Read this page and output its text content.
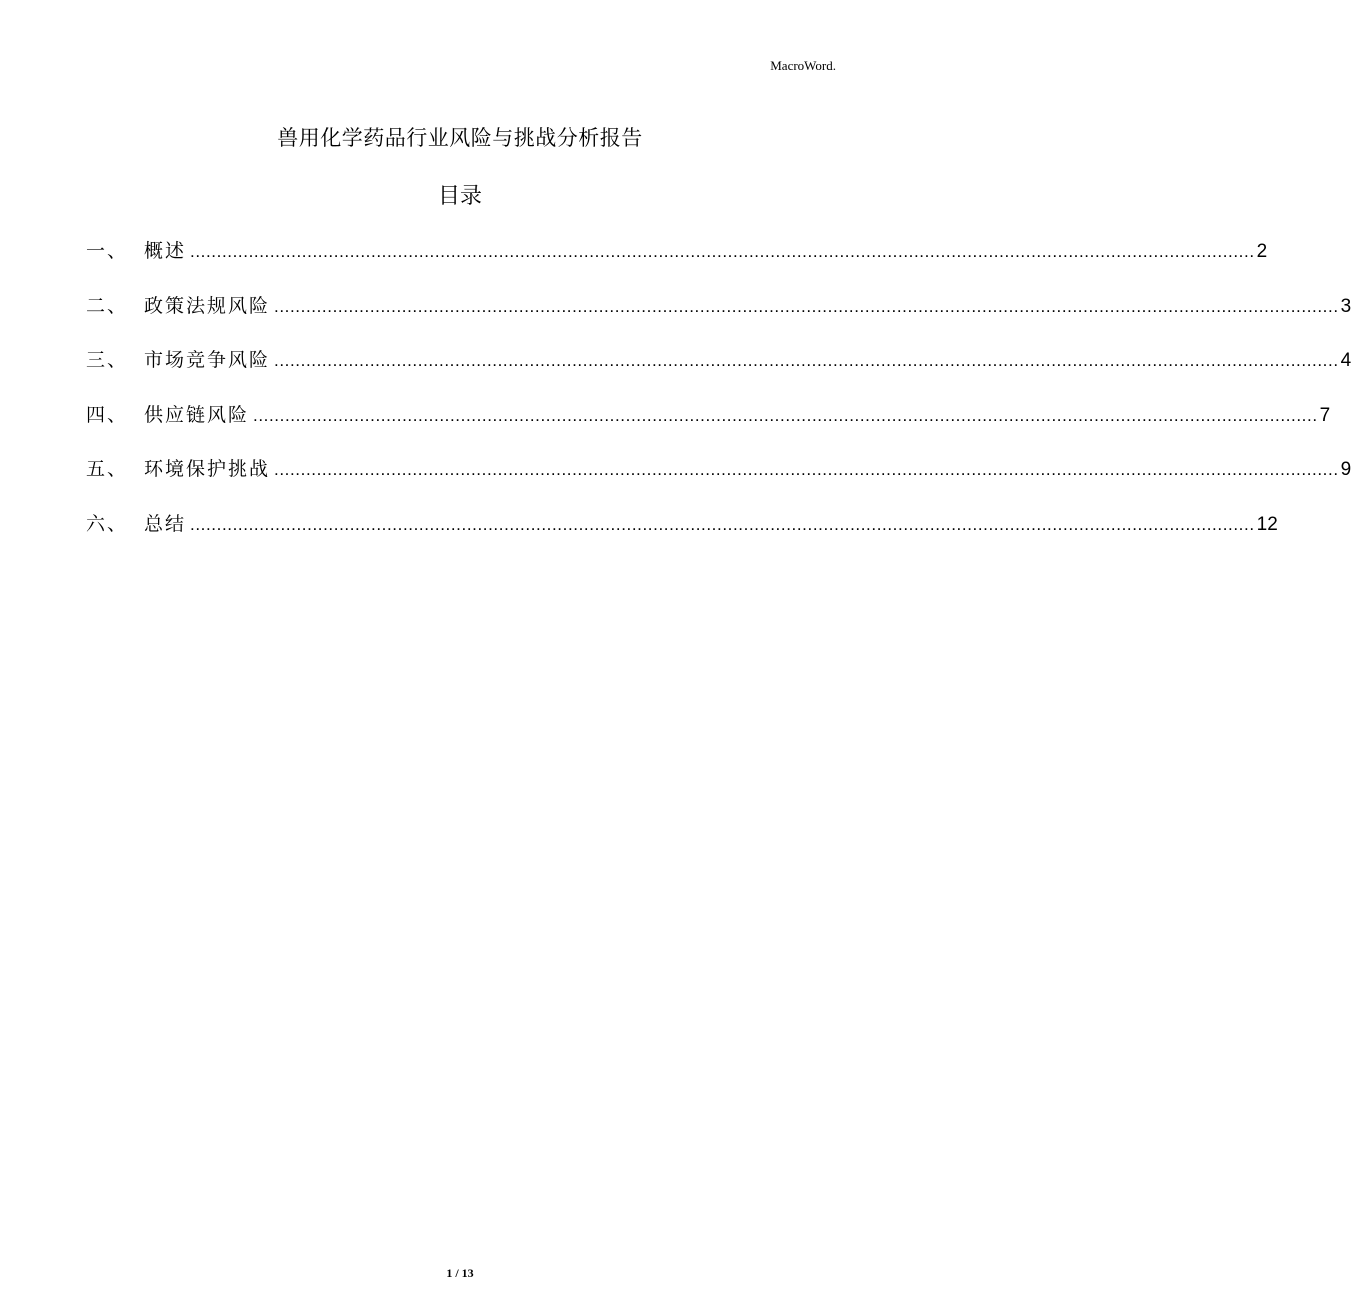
MacroWord.
兽用化学药品行业风险与挑战分析报告
目录
一、 概述 ........................................................................................................................................................................................................ 2
二、 政策法规风险 ........................................................................................................................................................................................................ 3
三、 市场竞争风险 ........................................................................................................................................................................................................ 4
四、 供应链风险 ........................................................................................................................................................................................................ 7
五、 环境保护挑战 ........................................................................................................................................................................................................ 9
六、 总结 ........................................................................................................................................................................................................ 12
1 / 13
